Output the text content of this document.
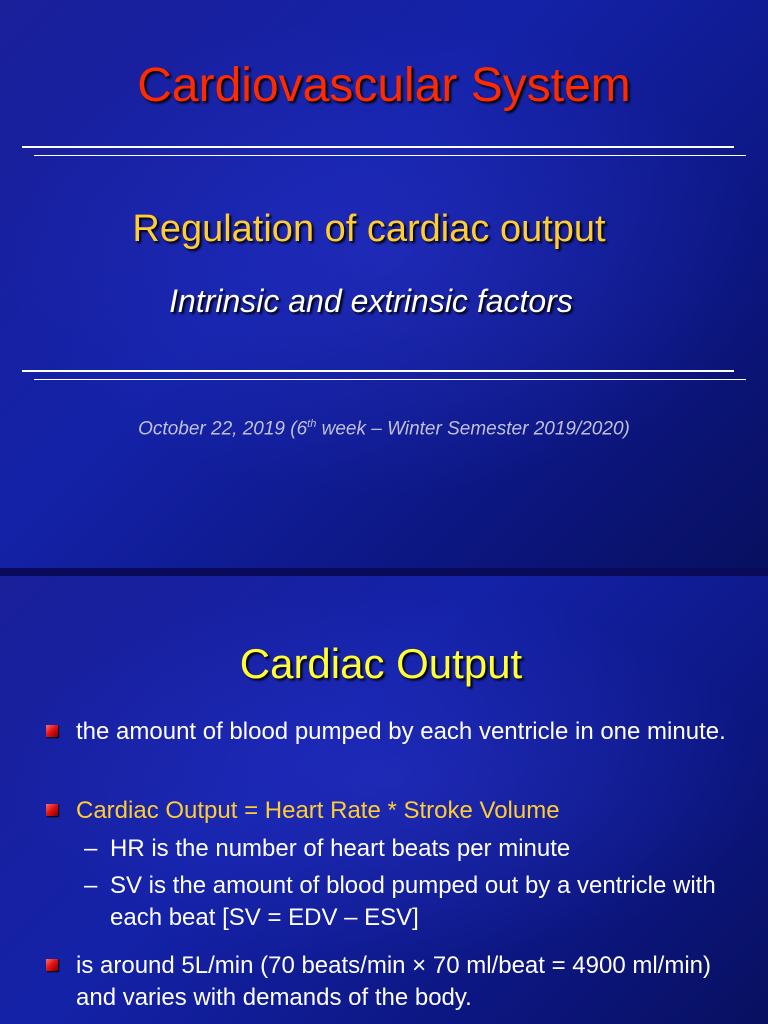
Cardiovascular System
Regulation of cardiac output
Intrinsic and extrinsic factors
October 22, 2019 (6th week – Winter Semester 2019/2020)
Cardiac Output
the amount of blood pumped by each ventricle in one minute.
Cardiac Output = Heart Rate * Stroke Volume
– HR is the number of heart beats per minute
– SV is the amount of blood pumped out by a ventricle with each beat [SV = EDV – ESV]
is around 5L/min (70 beats/min × 70 ml/beat = 4900 ml/min) and varies with demands of the body.
